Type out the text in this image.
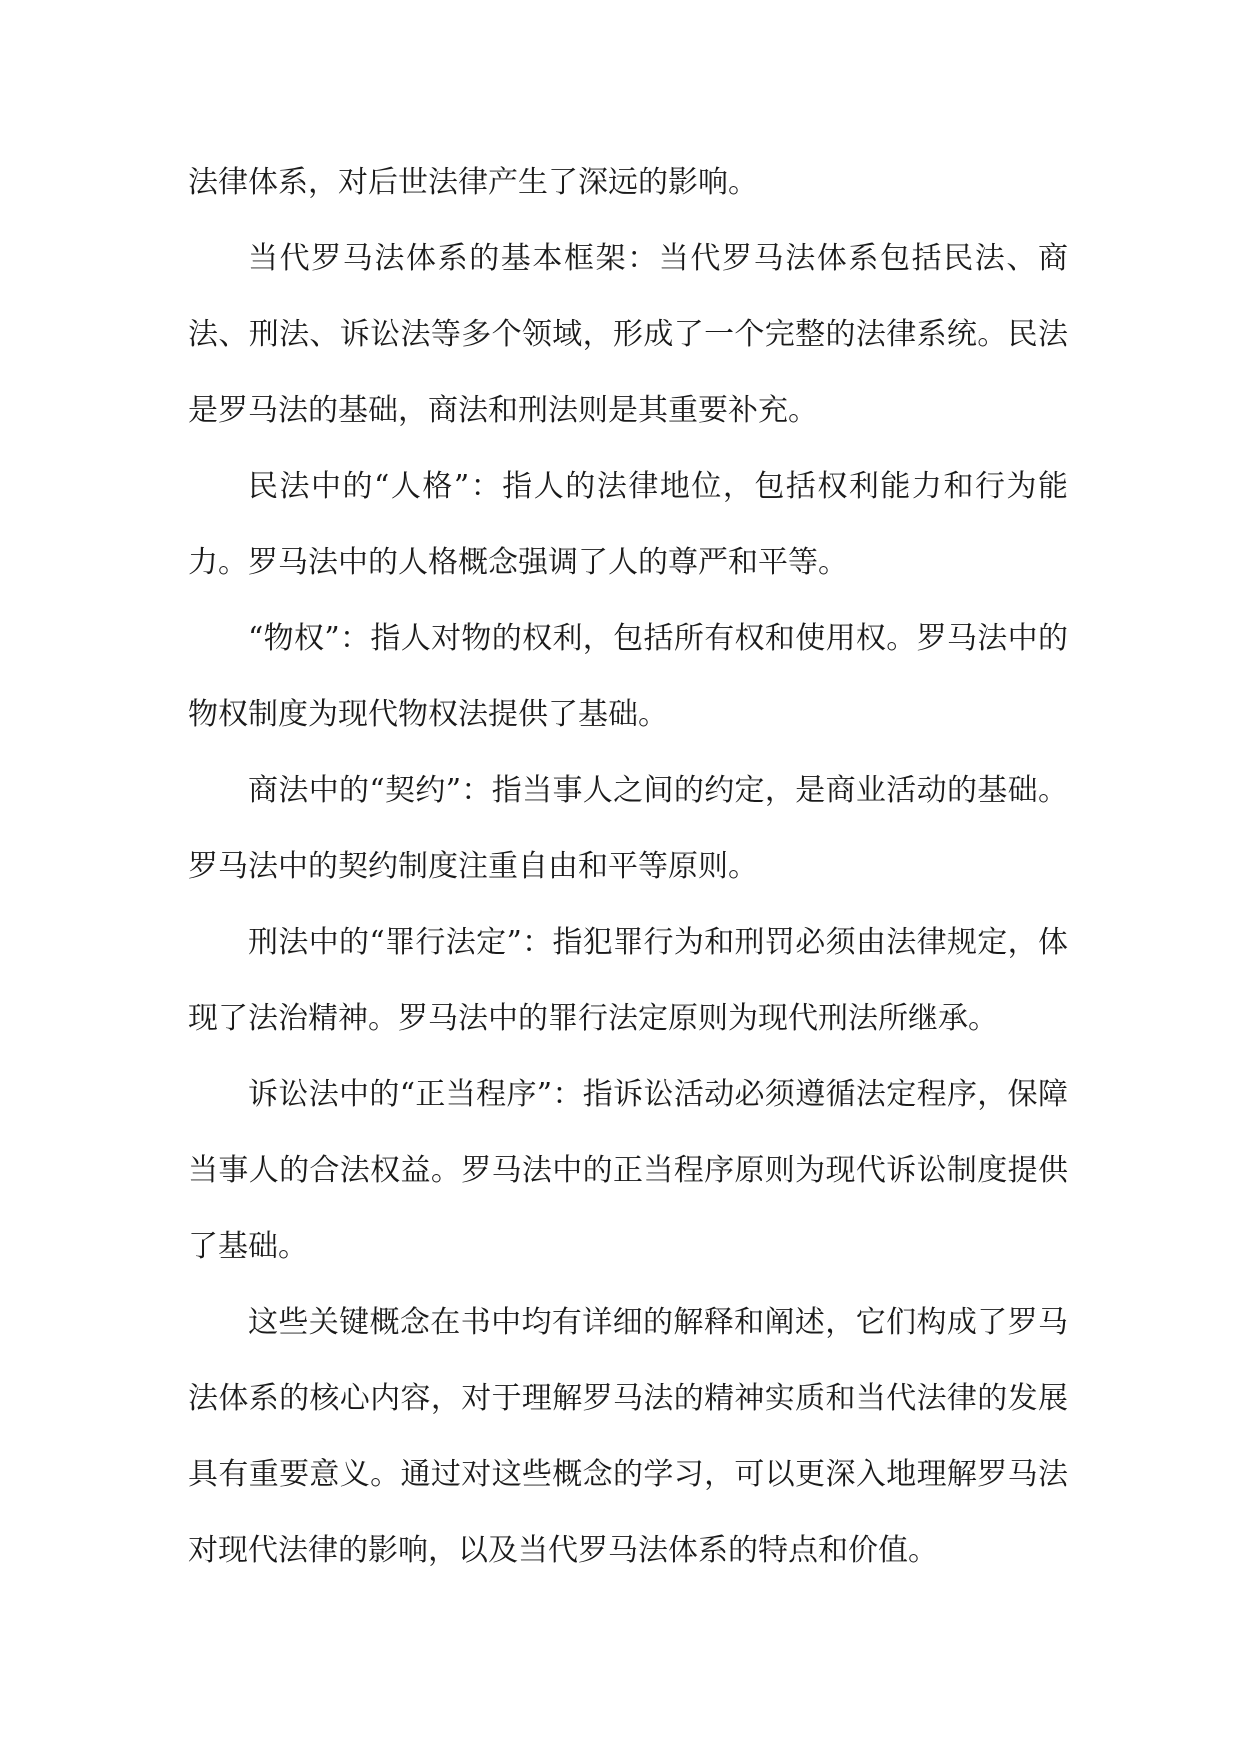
法律体系，对后世法律产生了深远的影响。

当代罗马法体系的基本框架：当代罗马法体系包括民法、商法、刑法、诉讼法等多个领域，形成了一个完整的法律系统。民法是罗马法的基础，商法和刑法则是其重要补充。

民法中的“人格”：指人的法律地位，包括权利能力和行为能力。罗马法中的人格概念强调了人的尊严和平等。

“物权”：指人对物的权利，包括所有权和使用权。罗马法中的物权制度为现代物权法提供了基础。

商法中的“契约”：指当事人之间的约定，是商业活动的基础。罗马法中的契约制度注重自由和平等原则。

刑法中的“罪行法定”：指犯罪行为和刑罚必须由法律规定，体现了法治精神。罗马法中的罪行法定原则为现代刑法所继承。

诉讼法中的“正当程序”：指诉讼活动必须遵循法定程序，保障当事人的合法权益。罗马法中的正当程序原则为现代诉讼制度提供了基础。

这些关键概念在书中均有详细的解释和阐述，它们构成了罗马法体系的核心内容，对于理解罗马法的精神实质和当代法律的发展具有重要意义。通过对这些概念的学习，可以更深入地理解罗马法对现代法律的影响，以及当代罗马法体系的特点和价值。
